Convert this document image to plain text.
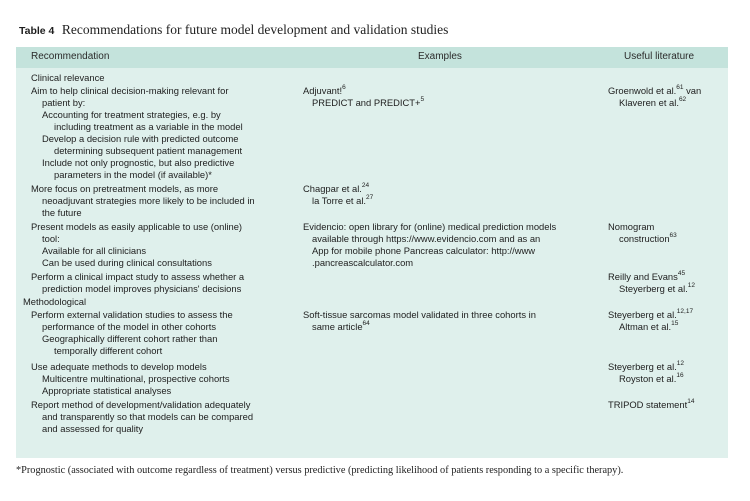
Table 4 Recommendations for future model development and validation studies
Recommendation	Examples	Useful literature
Clinical relevance
Aim to help clinical decision-making relevant for
patient by:
Accounting for treatment strategies, e.g. by
including treatment as a variable in the model
Develop a decision rule with predicted outcome
determining subsequent patient management
Include not only prognostic, but also predictive
parameters in the model (if available)*
More focus on pretreatment models, as more
neoadjuvant strategies more likely to be included in
the future
Present models as easily applicable to use (online)
tool:
Available for all clinicians
Can be used during clinical consultations
Perform a clinical impact study to assess whether a
prediction model improves physicians' decisions
Methodological
Perform external validation studies to assess the
performance of the model in other cohorts
Geographically different cohort rather than
temporally different cohort
Use adequate methods to develop models
Multicentre multinational, prospective cohorts
Appropriate statistical analyses
Report method of development/validation adequately
and transparently so that models can be compared
and assessed for quality
Adjuvant!$^6$
PREDICT and PREDICT+$^5$
Chagpar et al.$^{24}$
la Torre et al.$^{27}$
Evidencio: open library for (online) medical prediction models
available through https://www.evidencio.com and as an
App for mobile phone Pancreas calculator: http://www
.pancreascalculator.com
Soft-tissue sarcomas model validated in three cohorts in
same article$^{64}$
Groenwold et al.$^{61}$ van
Klaveren et al.$^{62}$
Nomogram
construction$^{63}$
Reilly and Evans$^{45}$
Steyerberg et al.$^{12}$
Steyerberg et al.$^{12,17}$
Altman et al.$^{15}$
Steyerberg et al.$^{12}$
Royston et al.$^{16}$
TRIPOD statement$^{14}$
*Prognostic (associated with outcome regardless of treatment) versus predictive (predicting likelihood of patients responding to a specific therapy).
